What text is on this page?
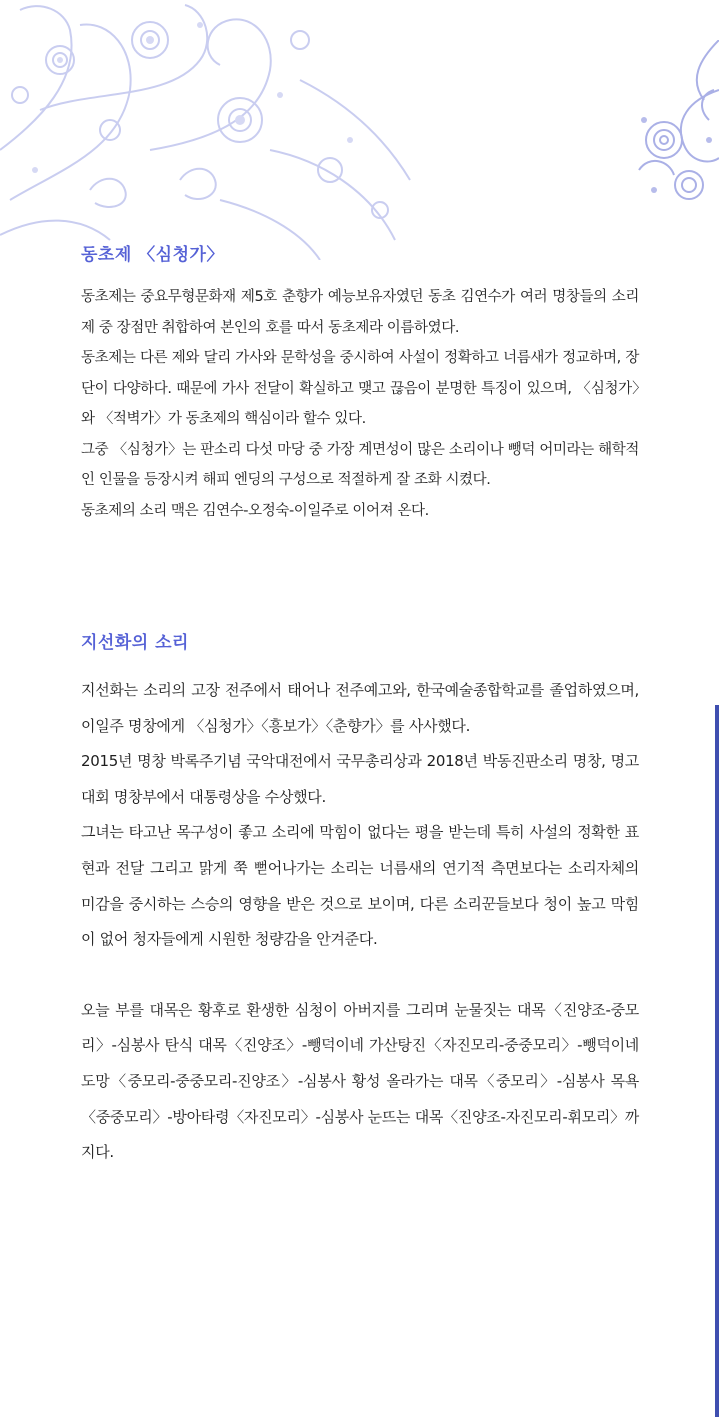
동초제 〈심청가〉

동초제는 중요무형문화재 제5호 춘향가 예능보유자였던 동초 김연수가 여러 명창들의 소리제 중 장점만 취합하여 본인의 호를 따서 동초제라 이름하였다.

동초제는 다른 제와 달리 가사와 문학성을 중시하여 사설이 정확하고 너름새가 정교하며, 장단이 다양하다. 때문에 가사 전달이 확실하고 맺고 끊음이 분명한 특징이 있으며, 〈심청가〉와 〈적벽가〉가 동초제의 핵심이라 할수 있다.

그중 〈심청가〉는 판소리 다섯 마당 중 가장 계면성이 많은 소리이나 뺑덕 어미라는 해학적인 인물을 등장시켜 해피 엔딩의 구성으로 적절하게 잘 조화 시켰다.

동초제의 소리 맥은 김연수-오정숙-이일주로 이어져 온다.

지선화의 소리

지선화는 소리의 고장 전주에서 태어나 전주예고와, 한국예술종합학교를 졸업하였으며, 이일주 명창에게 〈심청가〉〈흥보가〉〈춘향가〉를 사사했다.

2015년 명창 박록주기념 국악대전에서 국무총리상과 2018년 박동진판소리 명창, 명고 대회 명창부에서 대통령상을 수상했다.

그녀는 타고난 목구성이 좋고 소리에 막힘이 없다는 평을 받는데 특히 사설의 정확한 표현과 전달 그리고 맑게 쭉 뻗어나가는 소리는 너름새의 연기적 측면보다는 소리자체의 미감을 중시하는 스승의 영향을 받은 것으로 보이며, 다른 소리꾼들보다 청이 높고 막힘이 없어 청자들에게 시원한 청량감을 안겨준다.

오늘 부를 대목은 황후로 환생한 심청이 아버지를 그리며 눈물짓는 대목〈진양조-중모리〉-심봉사 탄식 대목〈진양조〉-뺑덕이네 가산탕진〈자진모리-중중모리〉-뺑덕이네 도망〈중모리-중중모리-진양조〉-심봉사 황성 올라가는 대목〈중모리〉-심봉사 목욕〈중중모리〉-방아타령〈자진모리〉-심봉사 눈뜨는 대목〈진양조-자진모리-휘모리〉까지다.
